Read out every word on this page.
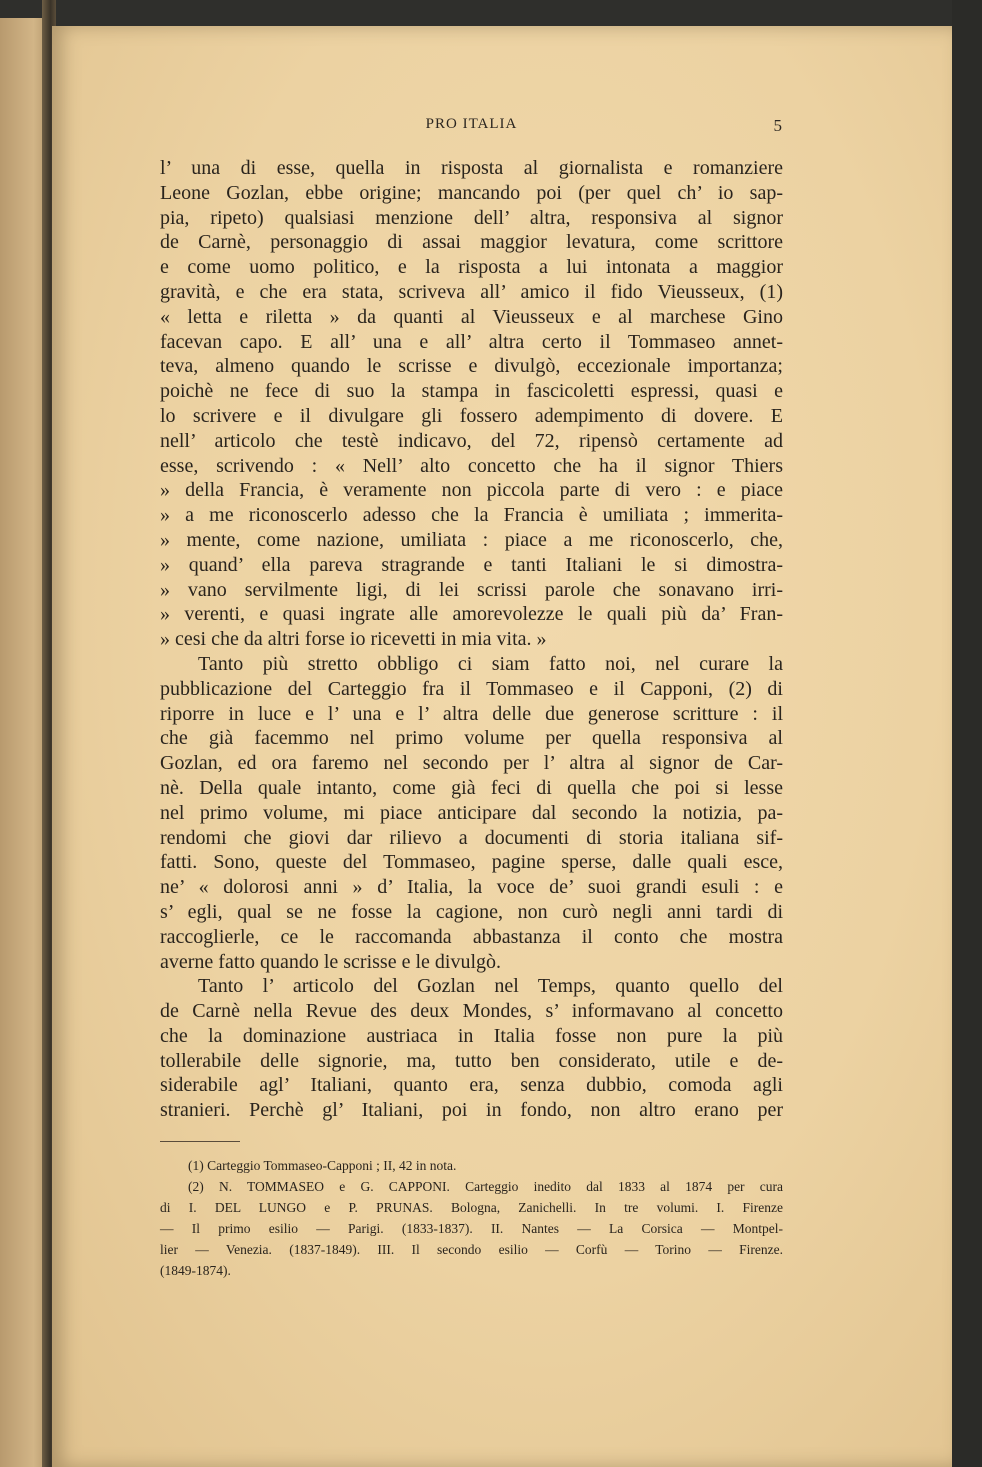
PRO ITALIA	5
l’ una di esse, quella in risposta al giornalista e romanziere
Leone Gozlan, ebbe origine; mancando poi (per quel ch’ io sap-
pia, ripeto) qualsiasi menzione dell’ altra, responsiva al signor
de Carnè, personaggio di assai maggior levatura, come scrittore
e come uomo politico, e la risposta a lui intonata a maggior
gravità, e che era stata, scriveva all’ amico il fido Vieusseux, (1)
« letta e riletta » da quanti al Vieusseux e al marchese Gino
facevan capo. E all’ una e all’ altra certo il Tommaseo annet-
teva, almeno quando le scrisse e divulgò, eccezionale importanza;
poichè ne fece di suo la stampa in fascicoletti espressi, quasi e
lo scrivere e il divulgare gli fossero adempimento di dovere. E
nell’ articolo che testè indicavo, del 72, ripensò certamente ad
esse, scrivendo : « Nell’ alto concetto che ha il signor Thiers
» della Francia, è veramente non piccola parte di vero : e piace
» a me riconoscerlo adesso che la Francia è umiliata ; immerita-
» mente, come nazione, umiliata : piace a me riconoscerlo, che,
» quand’ ella pareva stragrande e tanti Italiani le si dimostra-
» vano servilmente ligi, di lei scrissi parole che sonavano irri-
» verenti, e quasi ingrate alle amorevolezze le quali più da’ Fran-
» cesi che da altri forse io ricevetti in mia vita. »
Tanto più stretto obbligo ci siam fatto noi, nel curare la
pubblicazione del Carteggio fra il Tommaseo e il Capponi, (2) di
riporre in luce e l’ una e l’ altra delle due generose scritture : il
che già facemmo nel primo volume per quella responsiva al
Gozlan, ed ora faremo nel secondo per l’ altra al signor de Car-
nè. Della quale intanto, come già feci di quella che poi si lesse
nel primo volume, mi piace anticipare dal secondo la notizia, pa-
rendomi che giovi dar rilievo a documenti di storia italiana sif-
fatti. Sono, queste del Tommaseo, pagine sperse, dalle quali esce,
ne’ « dolorosi anni » d’ Italia, la voce de’ suoi grandi esuli : e
s’ egli, qual se ne fosse la cagione, non curò negli anni tardi di
raccoglierle, ce le raccomanda abbastanza il conto che mostra
averne fatto quando le scrisse e le divulgò.
Tanto l’ articolo del Gozlan nel Temps, quanto quello del
de Carnè nella Revue des deux Mondes, s’ informavano al concetto
che la dominazione austriaca in Italia fosse non pure la più
tollerabile delle signorie, ma, tutto ben considerato, utile e de-
siderabile agl’ Italiani, quanto era, senza dubbio, comoda agli
stranieri. Perchè gl’ Italiani, poi in fondo, non altro erano per
(1) Carteggio Tommaseo-Capponi ; II, 42 in nota.
(2) N. TOMMASEO e G. CAPPONI. Carteggio inedito dal 1833 al 1874 per cura
di I. DEL LUNGO e P. PRUNAS. Bologna, Zanichelli. In tre volumi. I. Firenze
— Il primo esilio — Parigi. (1833-1837). II. Nantes — La Corsica — Montpel-
lier — Venezia. (1837-1849). III. Il secondo esilio — Corfù — Torino — Firenze.
(1849-1874).
